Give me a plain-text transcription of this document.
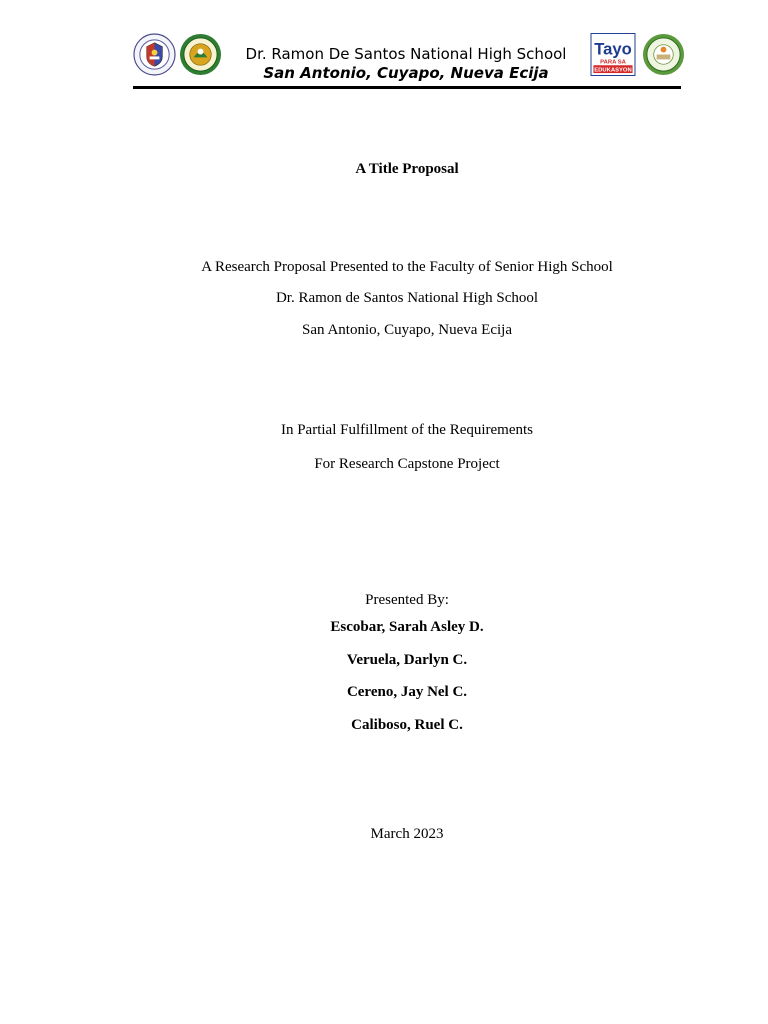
Dr. Ramon De Santos National High School
San Antonio, Cuyapo, Nueva Ecija
Tayo
PARA SA
EDUKASYON
A Title Proposal
A Research Proposal Presented to the Faculty of Senior High School
Dr. Ramon de Santos National High School
San Antonio, Cuyapo, Nueva Ecija
In Partial Fulfillment of the Requirements
For Research Capstone Project
Presented By:
Escobar, Sarah Asley D.
Veruela, Darlyn C.
Cereno, Jay Nel C.
Caliboso, Ruel C.
March 2023
